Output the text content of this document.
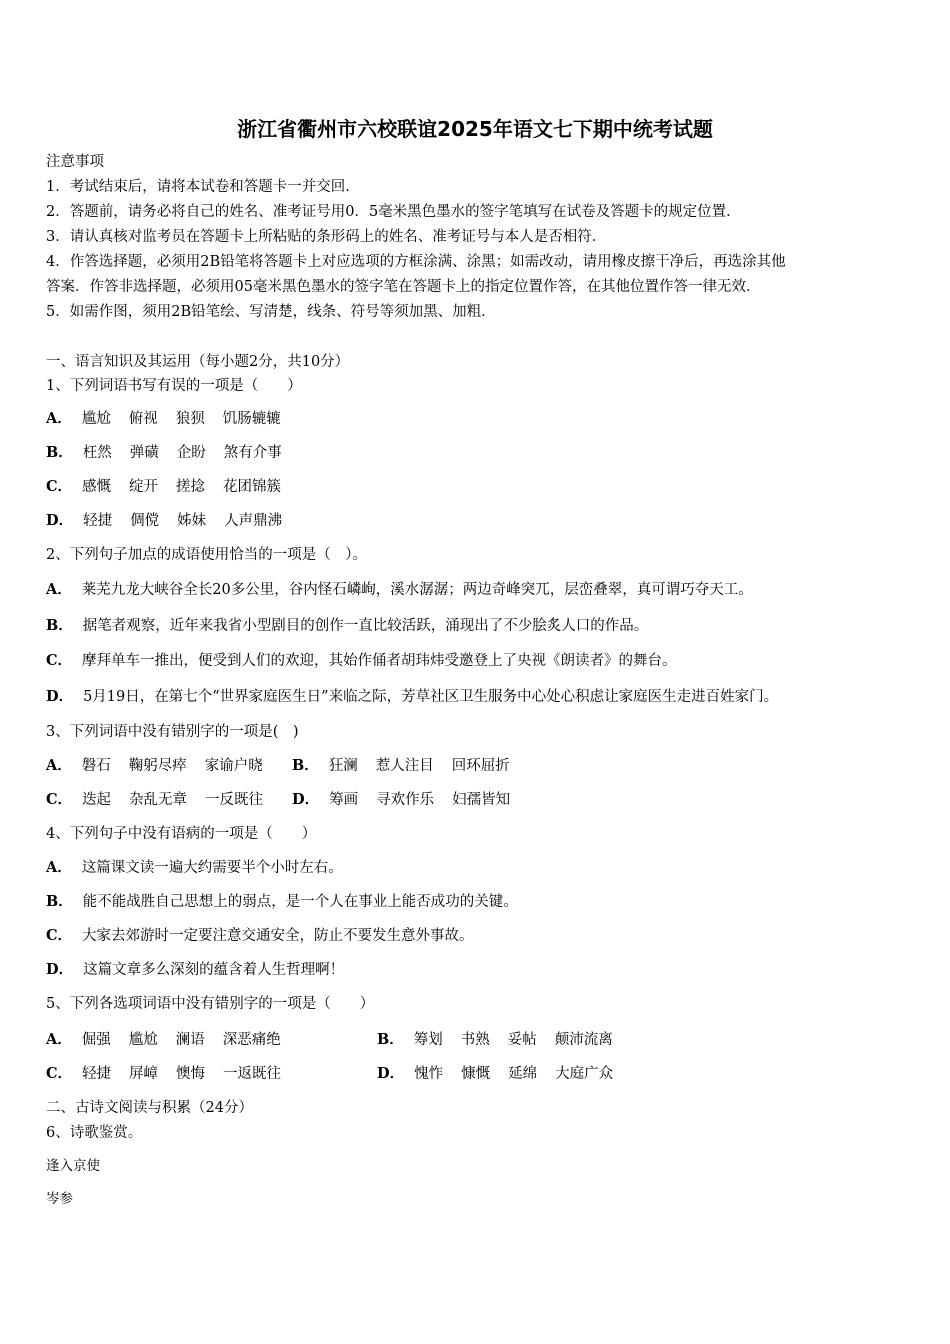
浙江省衢州市六校联谊2025年语文七下期中统考试题
注意事项
1．考试结束后，请将本试卷和答题卡一并交回．
2．答题前，请务必将自己的姓名、准考证号用0．5毫米黑色墨水的签字笔填写在试卷及答题卡的规定位置．
3．请认真核对监考员在答题卡上所粘贴的条形码上的姓名、准考证号与本人是否相符．
4．作答选择题，必须用2B铅笔将答题卡上对应选项的方框涂满、涂黑；如需改动，请用橡皮擦干净后，再选涂其他
答案．作答非选择题，必须用05毫米黑色墨水的签字笔在答题卡上的指定位置作答，在其他位置作答一律无效．
5．如需作图，须用2B铅笔绘、写清楚，线条、符号等须加黑、加粗．
一、语言知识及其运用（每小题2分，共10分）
1、下列词语书写有误的一项是（　　）
A． 尴尬 俯视 狼狈 饥肠辘辘
B． 枉然 弹磺 企盼 煞有介事
C． 感慨 绽开 搓捻 花团锦簇
D． 轻捷 倜傥 姊妹 人声鼎沸
2、下列句子加点的成语使用恰当的一项是（　）。
A． 莱芜九龙大峡谷全长20多公里，谷内怪石嶙峋，溪水潺潺；两边奇峰突兀，层峦叠翠，真可谓巧夺天工。
B． 据笔者观察，近年来我省小型剧目的创作一直比较活跃，涌现出了不少脍炙人口的作品。
C． 摩拜单车一推出，便受到人们的欢迎，其始作俑者胡玮炜受邀登上了央视《朗读者》的舞台。
D． 5月19日，在第七个“世界家庭医生日”来临之际，芳草社区卫生服务中心处心积虑让家庭医生走进百姓家门。
3、下列词语中没有错别字的一项是(　)
A． 磐石 鞠躬尽瘁 家谕户晓	B． 狂澜 惹人注目 回环屈折
C． 迭起 杂乱无章 一反既往	D． 筹画 寻欢作乐 妇孺皆知
4、下列句子中没有语病的一项是（　　）
A． 这篇课文读一遍大约需要半个小时左右。
B． 能不能战胜自己思想上的弱点，是一个人在事业上能否成功的关键。
C． 大家去郊游时一定要注意交通安全，防止不要发生意外事故。
D． 这篇文章多么深刻的蕴含着人生哲理啊！
5、下列各选项词语中没有错别字的一项是（　　）
A． 倔强 尴尬 澜语 深恶痛绝	B． 筹划 书熟 妥帖 颠沛流离
C． 轻捷 屏嶂 懊悔 一返既往	D． 愧怍 慷慨 延绵 大庭广众
二、古诗文阅读与积累（24分）
6、诗歌鉴赏。
逢入京使
岑参
